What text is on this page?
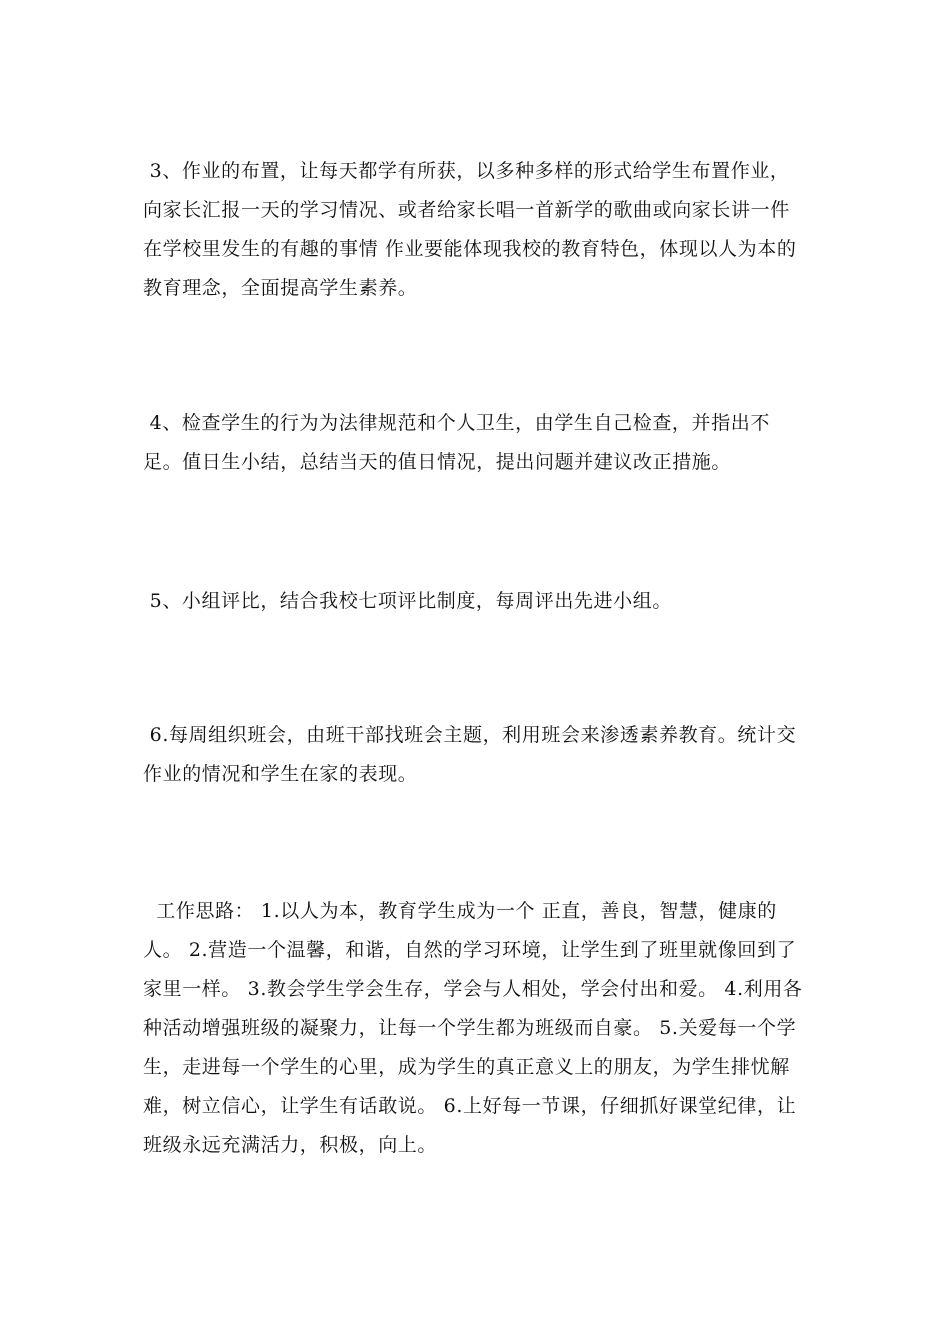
3、作业的布置，让每天都学有所获，以多种多样的形式给学生布置作业，向家长汇报一天的学习情况、或者给家长唱一首新学的歌曲或向家长讲一件在学校里发生的有趣的事情 作业要能体现我校的教育特色，体现以人为本的教育理念，全面提高学生素养。

4、检查学生的行为为法律规范和个人卫生，由学生自己检查，并指出不足。值日生小结，总结当天的值日情况，提出问题并建议改正措施。

5、小组评比，结合我校七项评比制度，每周评出先进小组。

6.每周组织班会，由班干部找班会主题，利用班会来渗透素养教育。统计交作业的情况和学生在家的表现。

工作思路： 1.以人为本，教育学生成为一个 正直，善良，智慧，健康的人。 2.营造一个温馨，和谐，自然的学习环境，让学生到了班里就像回到了家里一样。 3.教会学生学会生存，学会与人相处，学会付出和爱。 4.利用各种活动增强班级的凝聚力，让每一个学生都为班级而自豪。 5.关爱每一个学生，走进每一个学生的心里，成为学生的真正意义上的朋友，为学生排忧解难，树立信心，让学生有话敢说。 6.上好每一节课，仔细抓好课堂纪律，让班级永远充满活力，积极，向上。
